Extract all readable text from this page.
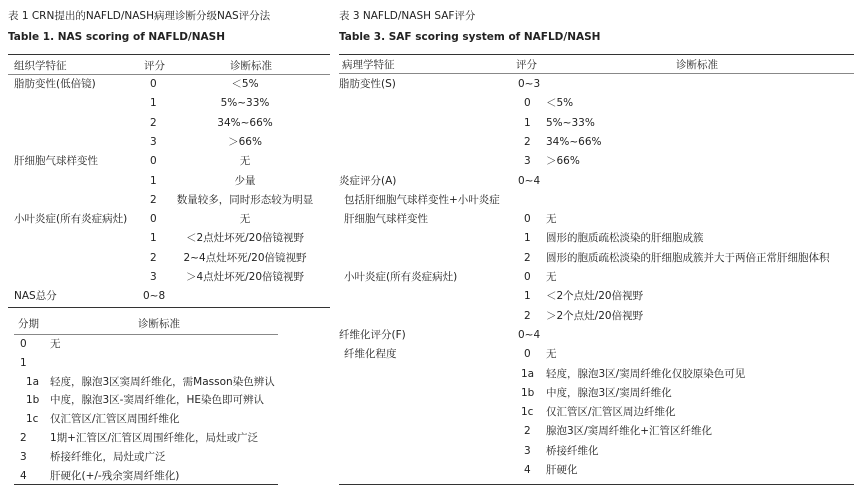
表 1 CRN提出的NAFLD/NASH病理诊断分级NAS评分法
Table 1. NAS scoring of NAFLD/NASH
组织学特征	评分	诊断标准
脂肪变性(低倍镜)	0	＜5%
1	5%~33%
2	34%~66%
3	＞66%
肝细胞气球样变性	0	无
1	少量
2 数量较多，同时形态较为明显
小叶炎症(所有炎症病灶) 0	无
1	＜2点灶坏死/20倍镜视野
2	2~4点灶坏死/20倍镜视野
3	＞4点灶坏死/20倍镜视野
NAS总分	0~8
分期	诊断标准
0 无
1
1a 轻度，腺泡3区窦周纤维化，需Masson染色辨认
1b 中度，腺泡3区-窦周纤维化，HE染色即可辨认
1c 仅汇管区/汇管区周围纤维化
2 1期+汇管区/汇管区周围纤维化，局灶或广泛
3 桥接纤维化，局灶或广泛
4 肝硬化(+/-残余窦周纤维化)
表 3 NAFLD/NASH SAF评分
Table 3. SAF scoring system of NAFLD/NASH
病理学特征	评分	诊断标准
脂肪变性(S)	0~3
0 ＜5%
1 5%~33%
2 34%~66%
3 ＞66%
炎症评分(A)	0~4
包括肝细胞气球样变性+小叶炎症
肝细胞气球样变性	0 无
1 圆形的胞质疏松淡染的肝细胞成簇
2 圆形的胞质疏松淡染的肝细胞成簇并大于两倍正常肝细胞体积
小叶炎症(所有炎症病灶)	0 无
1 ＜2个点灶/20倍视野
2 ＞2个点灶/20倍视野
纤维化评分(F)	0~4
纤维化程度	0 无
1a 轻度，腺泡3区/窦周纤维化仅胶原染色可见
1b 中度，腺泡3区/窦周纤维化
1c 仅汇管区/汇管区周边纤维化
2 腺泡3区/窦周纤维化+汇管区纤维化
3 桥接纤维化
4 肝硬化
